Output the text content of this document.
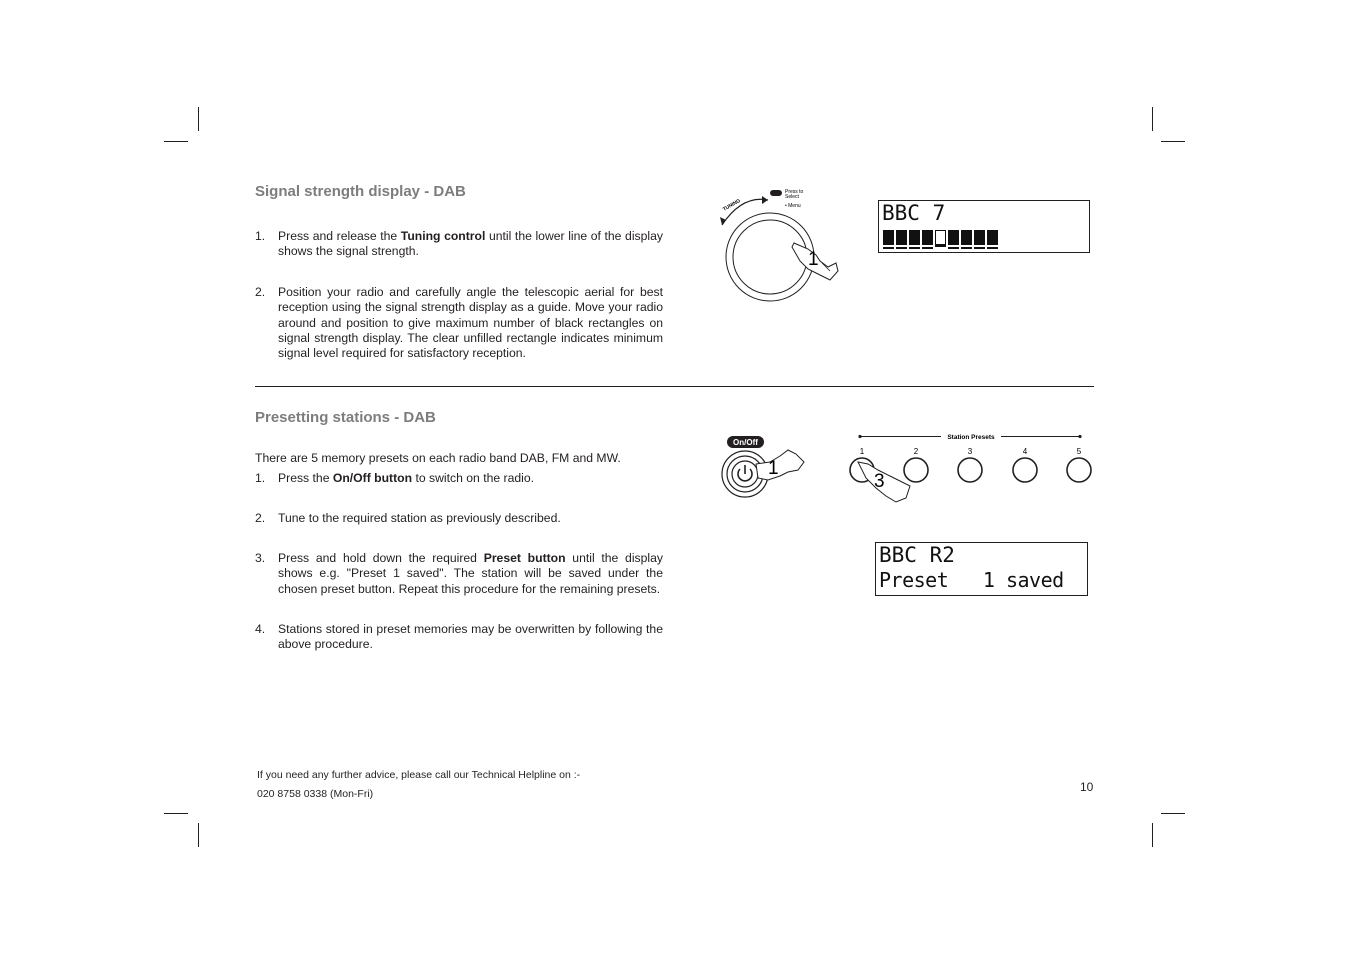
Signal strength display - DAB
1. Press and release the Tuning control until the lower line of the display shows the signal strength.
2. Position your radio and carefully angle the telescopic aerial for best reception using the signal strength display as a guide. Move your radio around and position to give maximum number of black rectangles on signal strength display. The clear unfilled rectangle indicates minimum signal level required for satisfactory reception.
TUNING
Press to
Select
• Menu
1
BBC 7
Presetting stations - DAB
There are 5 memory presets on each radio band DAB, FM and MW.
1. Press the On/Off button to switch on the radio.
2. Tune to the required station as previously described.
3. Press and hold down the required Preset button until the display shows e.g. "Preset 1 saved". The station will be saved under the chosen preset button. Repeat this procedure for the remaining presets.
4. Stations stored in preset memories may be overwritten by following the above procedure.
On/Off
1
Station Presets
1	2	3	4	5
3
BBC R2
Preset   1 saved
If you need any further advice, please call our Technical Helpline on :-
020 8758 0338 (Mon-Fri)	10
